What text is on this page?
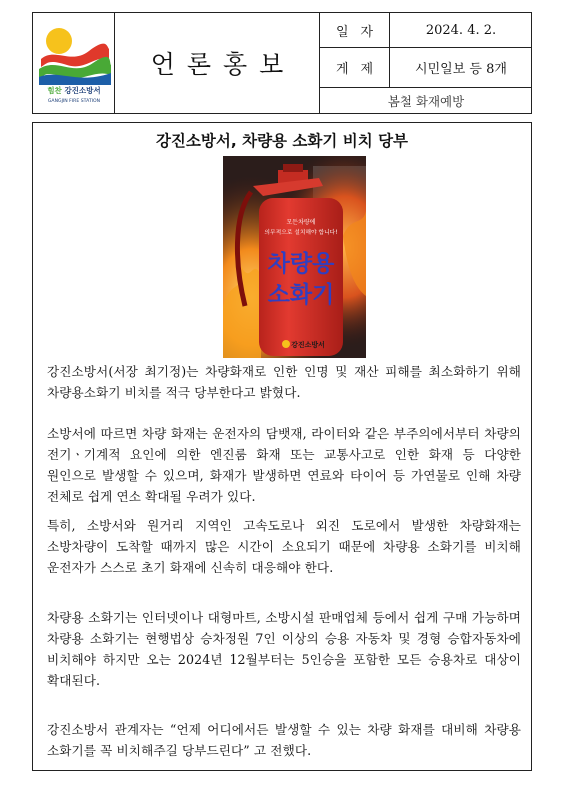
힘찬 강진소방서
GANGJIN FIRE STATION
언론홍보
일자	2024. 4. 2.
게제	시민일보 등 8개
봄철 화재예방
강진소방서, 차량용 소화기 비치 당부
모든차량에
의무적으로 설치해야 합니다!
차량용
소화기
강진소방서

강진소방서(서장 최기정)는 차량화재로 인한 인명 및 재산 피해를 최소화하기 위해 차량용소화기 비치를 적극 당부한다고 밝혔다.

소방서에 따르면 차량 화재는 운전자의 담뱃재, 라이터와 같은 부주의에서부터 차량의 전기ㆍ기계적 요인에 의한 엔진룸 화재 또는 교통사고로 인한 화재 등 다양한 원인으로 발생할 수 있으며, 화재가 발생하면 연료와 타이어 등 가연물로 인해 차량 전체로 쉽게 연소 확대될 우려가 있다.

특히, 소방서와 원거리 지역인 고속도로나 외진 도로에서 발생한 차량화재는 소방차량이 도착할 때까지 많은 시간이 소요되기 때문에 차량용 소화기를 비치해 운전자가 스스로 초기 화재에 신속히 대응해야 한다.

차량용 소화기는 인터넷이나 대형마트, 소방시설 판매업체 등에서 쉽게 구매 가능하며 차량용 소화기는 현행법상 승차정원 7인 이상의 승용 자동차 및 경형 승합자동차에 비치해야 하지만 오는 2024년 12월부터는 5인승을 포함한 모든 승용차로 대상이 확대된다.

강진소방서 관계자는 “언제 어디에서든 발생할 수 있는 차량 화재를 대비해 차량용 소화기를 꼭 비치해주길 당부드린다” 고 전했다.
